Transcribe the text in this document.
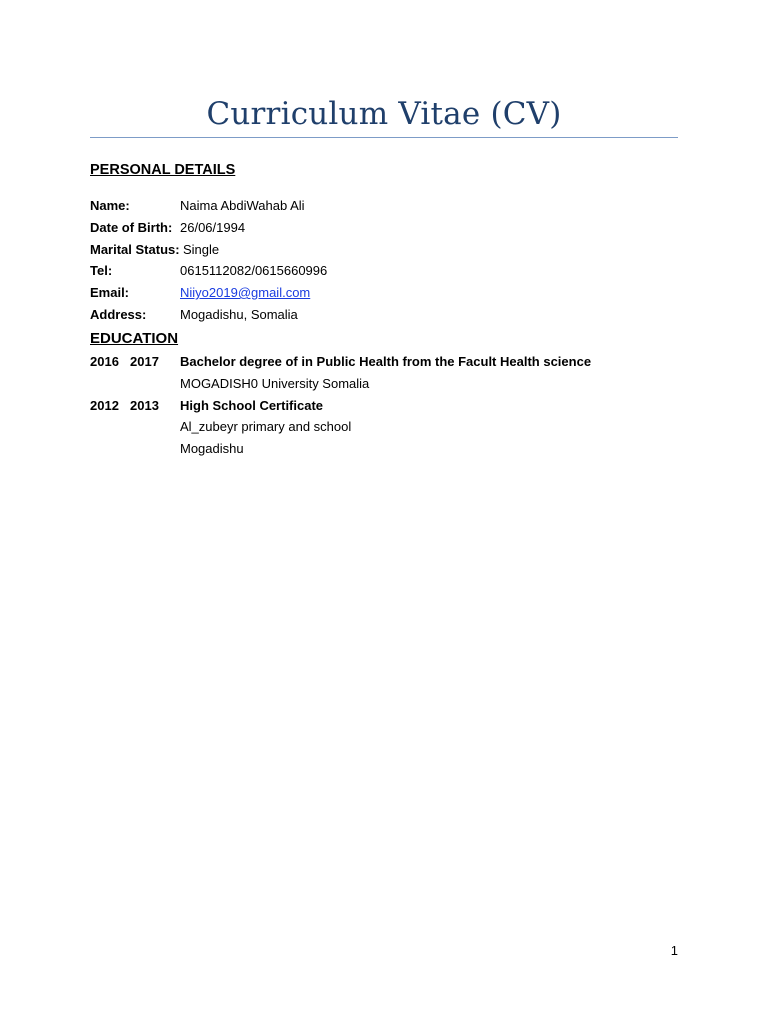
Curriculum Vitae (CV)
PERSONAL DETAILS
Name:	Naima AbdiWahab Ali
Date of Birth: 26/06/1994
Marital Status: Single
Tel:	0615112082/0615660996
Email:	Niiyo2019@gmail.com
Address:	Mogadishu, Somalia
EDUCATION
2016 2017 Bachelor degree of in Public Health from the Facult Health science
MOGADISH0 University Somalia
2012 2013 High School Certificate
Al_zubeyr primary and school
Mogadishu
1
